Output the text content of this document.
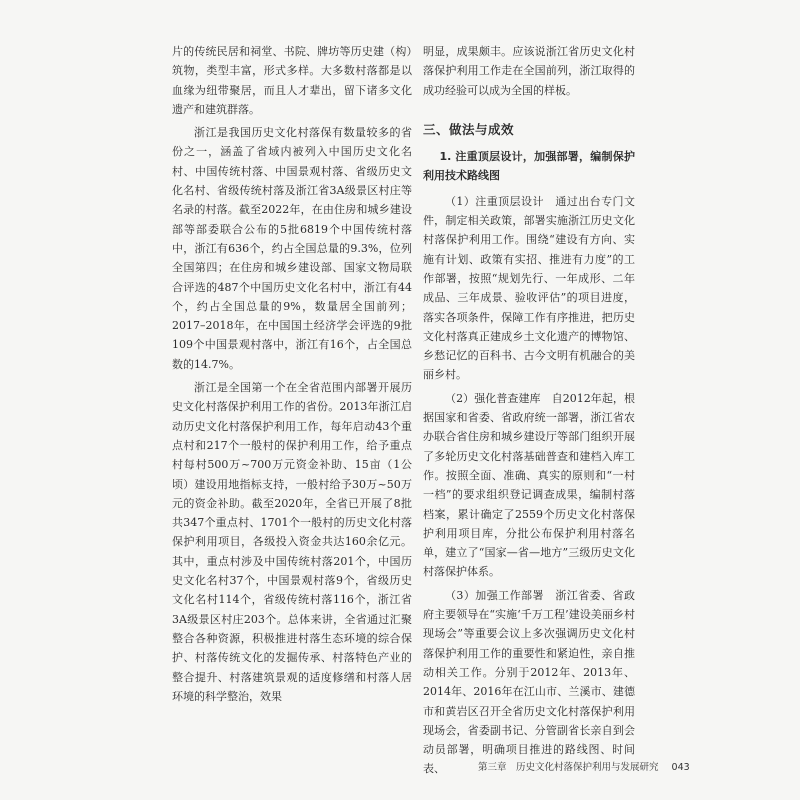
片的传统民居和祠堂、书院、牌坊等历史建（构）筑物，类型丰富，形式多样。大多数村落都是以血缘为纽带聚居，而且人才辈出，留下诸多文化遗产和建筑群落。

浙江是我国历史文化村落保有数量较多的省份之一，涵盖了省域内被列入中国历史文化名村、中国传统村落、中国景观村落、省级历史文化名村、省级传统村落及浙江省3A级景区村庄等名录的村落。截至2022年，在由住房和城乡建设部等部委联合公布的5批6819个中国传统村落中，浙江有636个，约占全国总量的9.3%，位列全国第四；在住房和城乡建设部、国家文物局联合评选的487个中国历史文化名村中，浙江有44个，约占全国总量的9%，数量居全国前列；2017–2018年，在中国国土经济学会评选的9批109个中国景观村落中，浙江有16个，占全国总数的14.7%。

浙江是全国第一个在全省范围内部署开展历史文化村落保护利用工作的省份。2013年浙江启动历史文化村落保护利用工作，每年启动43个重点村和217个一般村的保护利用工作，给予重点村每村500万~700万元资金补助、15亩（1公顷）建设用地指标支持，一般村给予30万~50万元的资金补助。截至2020年，全省已开展了8批共347个重点村、1701个一般村的历史文化村落保护利用项目，各级投入资金共达160余亿元。其中，重点村涉及中国传统村落201个，中国历史文化名村37个，中国景观村落9个，省级历史文化名村114个，省级传统村落116个，浙江省3A级景区村庄203个。总体来讲，全省通过汇聚整合各种资源，积极推进村落生态环境的综合保护、村落传统文化的发掘传承、村落特色产业的整合提升、村落建筑景观的适度修缮和村落人居环境的科学整治，效果

明显，成果颇丰。应该说浙江省历史文化村落保护利用工作走在全国前列，浙江取得的成功经验可以成为全国的样板。

三、做法与成效
1. 注重顶层设计，加强部署，编制保护利用技术路线图

（1）注重顶层设计　通过出台专门文件，制定相关政策，部署实施浙江历史文化村落保护利用工作。围绕“建设有方向、实施有计划、政策有实招、推进有力度”的工作部署，按照“规划先行、一年成形、二年成品、三年成景、验收评估”的项目进度，落实各项条件，保障工作有序推进，把历史文化村落真正建成乡土文化遗产的博物馆、乡愁记忆的百科书、古今文明有机融合的美丽乡村。

（2）强化普查建库　自2012年起，根据国家和省委、省政府统一部署，浙江省农办联合省住房和城乡建设厅等部门组织开展了多轮历史文化村落基础普查和建档入库工作。按照全面、准确、真实的原则和“一村一档”的要求组织登记调查成果，编制村落档案，累计确定了2559个历史文化村落保护利用项目库，分批公布保护利用村落名单，建立了“国家—省—地方”三级历史文化村落保护体系。

（3）加强工作部署　浙江省委、省政府主要领导在“实施‘千万工程’建设美丽乡村现场会”等重要会议上多次强调历史文化村落保护利用工作的重要性和紧迫性，亲自推动相关工作。分别于2012年、2013年、2014年、2016年在江山市、兰溪市、建德市和黄岩区召开全省历史文化村落保护利用现场会，省委副书记、分管副省长亲自到会动员部署，明确项目推进的路线图、时间表、	第三章　历史文化村落保护利用与发展研究 043
